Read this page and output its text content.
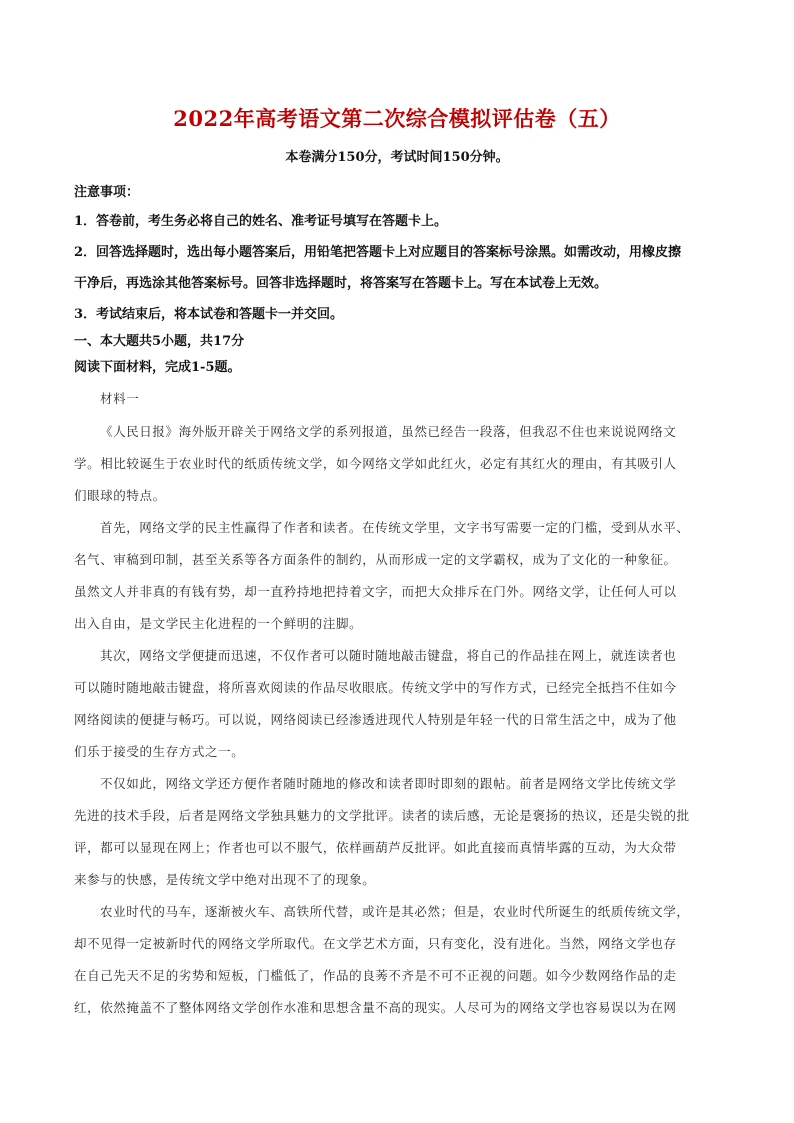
2022年高考语文第二次综合模拟评估卷（五）
本卷满分150分，考试时间150分钟。
注意事项：
1．答卷前，考生务必将自己的姓名、准考证号填写在答题卡上。
2．回答选择题时，选出每小题答案后，用铅笔把答题卡上对应题目的答案标号涂黑。如需改动，用橡皮擦
干净后，再选涂其他答案标号。回答非选择题时，将答案写在答题卡上。写在本试卷上无效。
3．考试结束后，将本试卷和答题卡一并交回。
一、本大题共5小题，共17分
阅读下面材料，完成1-5题。
材料一
《人民日报》海外版开辟关于网络文学的系列报道，虽然已经告一段落，但我忍不住也来说说网络文
学。相比较诞生于农业时代的纸质传统文学，如今网络文学如此红火，必定有其红火的理由，有其吸引人
们眼球的特点。
首先，网络文学的民主性赢得了作者和读者。在传统文学里，文字书写需要一定的门槛，受到从水平、
名气、审稿到印制，甚至关系等各方面条件的制约，从而形成一定的文学霸权，成为了文化的一种象征。
虽然文人并非真的有钱有势，却一直矜持地把持着文字，而把大众排斥在门外。网络文学，让任何人可以
出入自由，是文学民主化进程的一个鲜明的注脚。
其次，网络文学便捷而迅速，不仅作者可以随时随地敲击键盘，将自己的作品挂在网上，就连读者也
可以随时随地敲击键盘，将所喜欢阅读的作品尽收眼底。传统文学中的写作方式，已经完全抵挡不住如今
网络阅读的便捷与畅巧。可以说，网络阅读已经渗透进现代人特别是年轻一代的日常生活之中，成为了他
们乐于接受的生存方式之一。
不仅如此，网络文学还方便作者随时随地的修改和读者即时即刻的跟帖。前者是网络文学比传统文学
先进的技术手段，后者是网络文学独具魅力的文学批评。读者的读后感，无论是褒扬的热议，还是尖锐的批
评，都可以显现在网上；作者也可以不服气，依样画葫芦反批评。如此直接而真情毕露的互动，为大众带
来参与的快感，是传统文学中绝对出现不了的现象。
农业时代的马车，逐渐被火车、高铁所代替，或许是其必然；但是，农业时代所诞生的纸质传统文学，
却不见得一定被新时代的网络文学所取代。在文学艺术方面，只有变化，没有进化。当然，网络文学也存
在自己先天不足的劣势和短板，门槛低了，作品的良莠不齐是不可不正视的问题。如今少数网络作品的走
红，依然掩盖不了整体网络文学创作水准和思想含量不高的现实。人尽可为的网络文学也容易误以为在网
